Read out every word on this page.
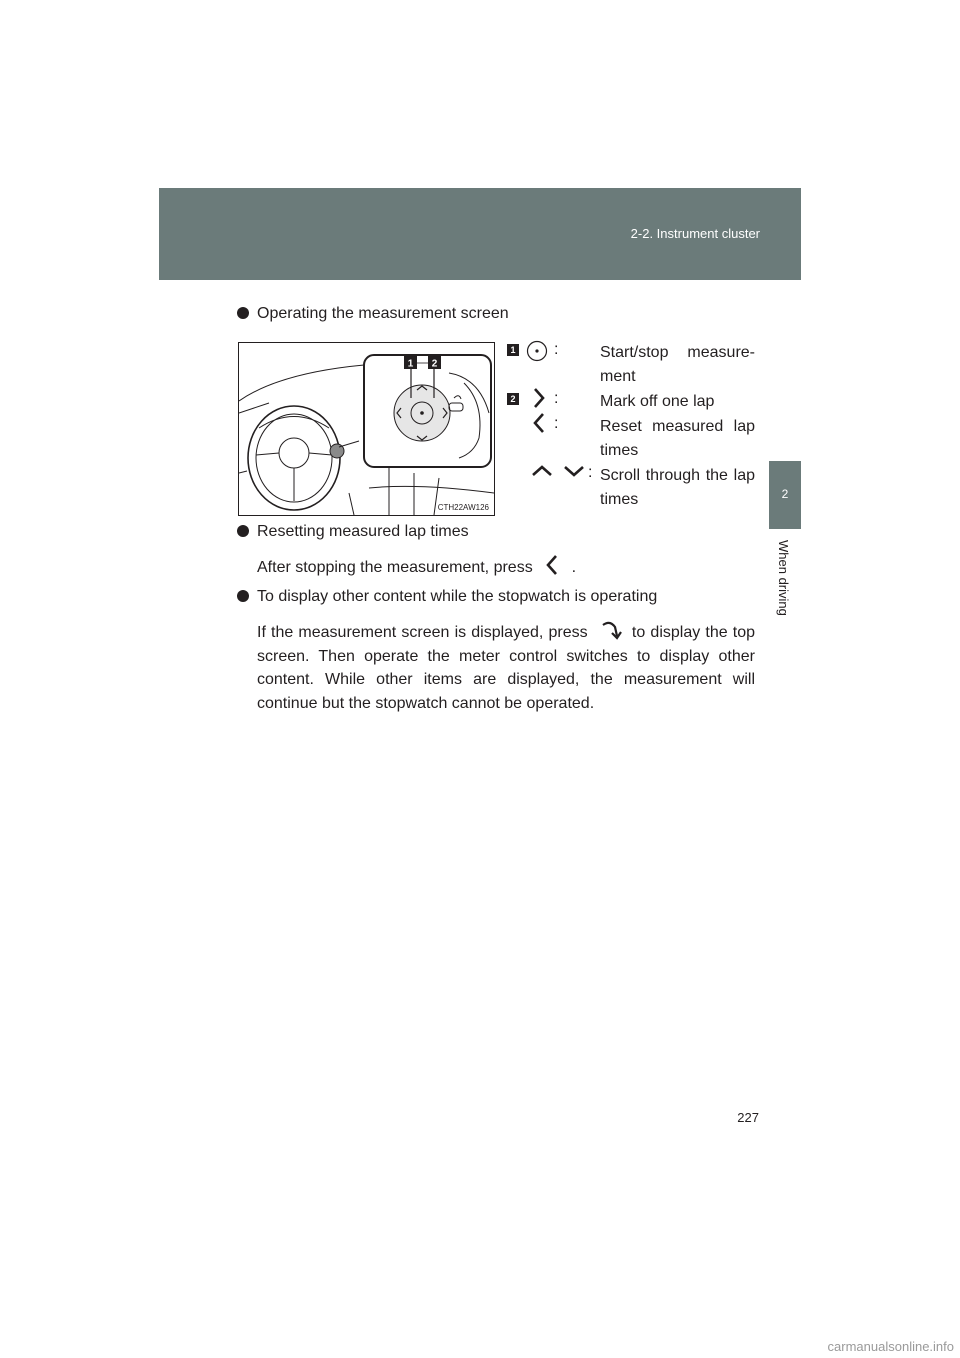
2-2. Instrument cluster
2
When driving
Operating the measurement screen
1 2
CTH22AW126
1 :	Start/stop measure-ment
2 :	Mark off one lap
:	Reset measured lap times
: Scroll through the lap times
Resetting measured lap times
After stopping the measurement, press .
To display other content while the stopwatch is operating
If the measurement screen is displayed, press	to display the top screen. Then operate the meter control switches to display other content. While other items are displayed, the measurement will continue but the stopwatch cannot be operated.
227
carmanualsonline.info
